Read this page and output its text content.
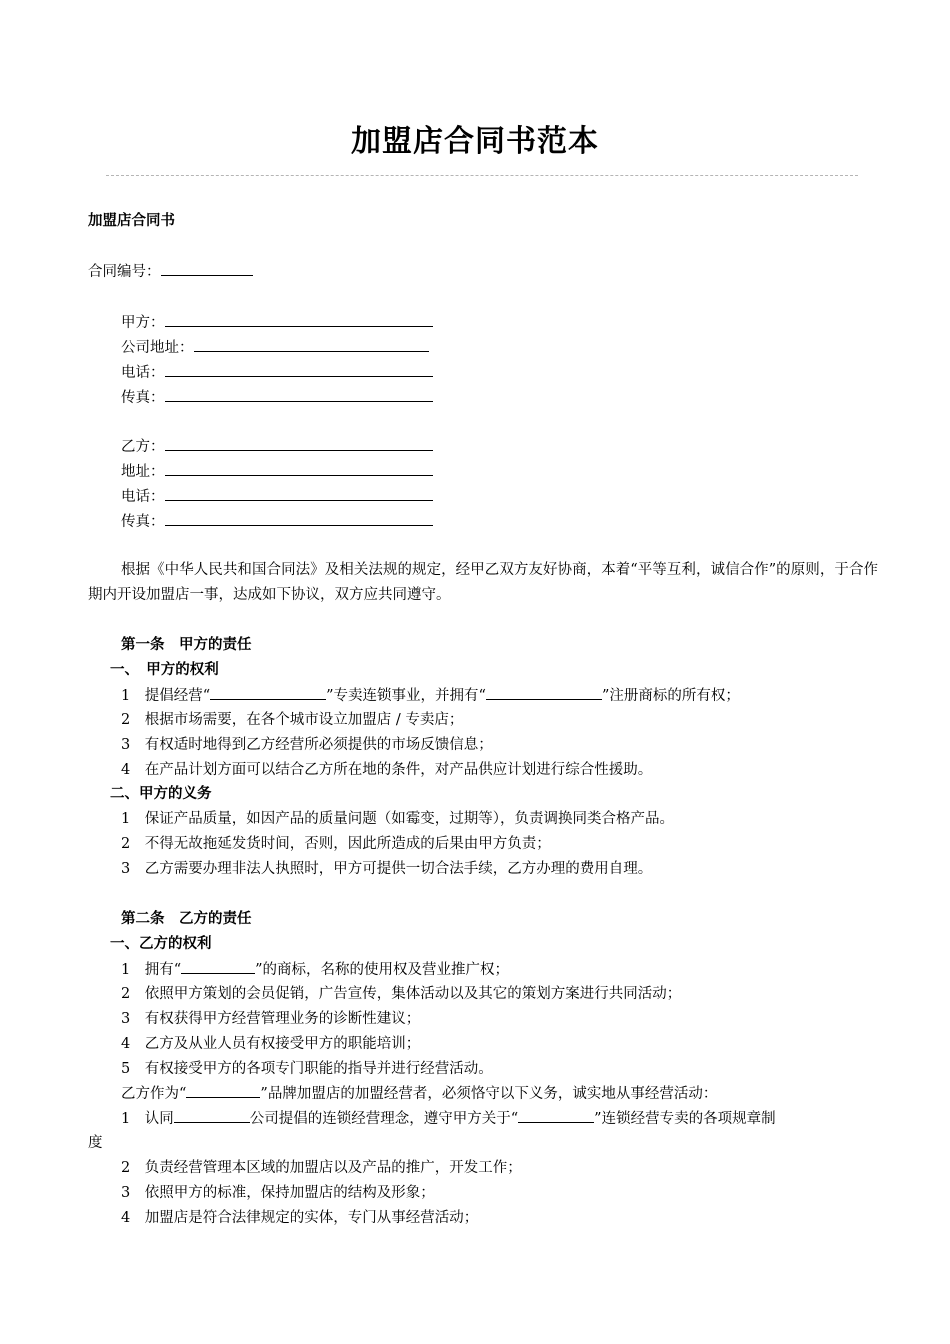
加盟店合同书范本
加盟店合同书
合同编号：
甲方：
公司地址：
电话：
传真：
乙方：
地址：
电话：
传真：
根据《中华人民共和国合同法》及相关法规的规定，经甲乙双方友好协商，本着“平等互利，诚信合作”的原则，于合作期内开设加盟店一事，达成如下协议，双方应共同遵守。
第一条　甲方的责任
一、　甲方的权利
1　提倡经营“	”专卖连锁事业，并拥有“	”注册商标的所有权；
2　根据市场需要，在各个城市设立加盟店 / 专卖店；
3　有权适时地得到乙方经营所必须提供的市场反馈信息；
4　在产品计划方面可以结合乙方所在地的条件，对产品供应计划进行综合性援助。
二、甲方的义务
1　保证产品质量，如因产品的质量问题（如霉变，过期等），负责调换同类合格产品。
2　不得无故拖延发货时间，否则，因此所造成的后果由甲方负责；
3　乙方需要办理非法人执照时，甲方可提供一切合法手续，乙方办理的费用自理。
第二条　乙方的责任
一、乙方的权利
1　拥有“	”的商标，名称的使用权及营业推广权；
2　依照甲方策划的会员促销，广告宣传，集体活动以及其它的策划方案进行共同活动；
3　有权获得甲方经营管理业务的诊断性建议；
4　乙方及从业人员有权接受甲方的职能培训；
5　有权接受甲方的各项专门职能的指导并进行经营活动。
乙方作为“	”品牌加盟店的加盟经营者，必须恪守以下义务，诚实地从事经营活动：
1　认同	公司提倡的连锁经营理念，遵守甲方关于“	”连锁经营专卖的各项规章制
度
2　负责经营管理本区域的加盟店以及产品的推广，开发工作；
3　依照甲方的标准，保持加盟店的结构及形象；
4　加盟店是符合法律规定的实体，专门从事经营活动；
